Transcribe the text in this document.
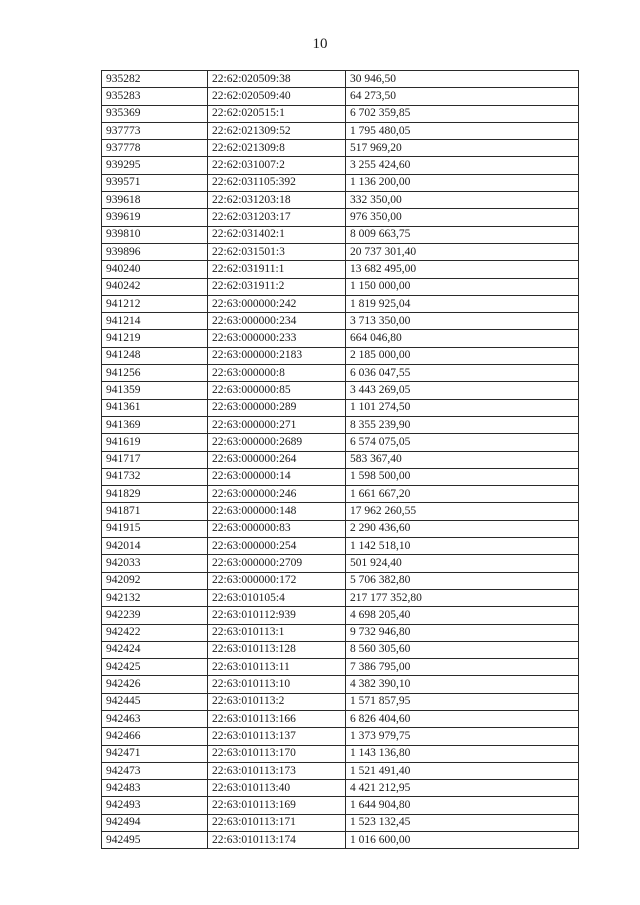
10
935282	22:62:020509:38	30 946,50
935283	22:62:020509:40	64 273,50
935369	22:62:020515:1	6 702 359,85
937773	22:62:021309:52	1 795 480,05
937778	22:62:021309:8	517 969,20
939295	22:62:031007:2	3 255 424,60
939571	22:62:031105:392	1 136 200,00
939618	22:62:031203:18	332 350,00
939619	22:62:031203:17	976 350,00
939810	22:62:031402:1	8 009 663,75
939896	22:62:031501:3	20 737 301,40
940240	22:62:031911:1	13 682 495,00
940242	22:62:031911:2	1 150 000,00
941212	22:63:000000:242	1 819 925,04
941214	22:63:000000:234	3 713 350,00
941219	22:63:000000:233	664 046,80
941248	22:63:000000:2183	2 185 000,00
941256	22:63:000000:8	6 036 047,55
941359	22:63:000000:85	3 443 269,05
941361	22:63:000000:289	1 101 274,50
941369	22:63:000000:271	8 355 239,90
941619	22:63:000000:2689	6 574 075,05
941717	22:63:000000:264	583 367,40
941732	22:63:000000:14	1 598 500,00
941829	22:63:000000:246	1 661 667,20
941871	22:63:000000:148	17 962 260,55
941915	22:63:000000:83	2 290 436,60
942014	22:63:000000:254	1 142 518,10
942033	22:63:000000:2709	501 924,40
942092	22:63:000000:172	5 706 382,80
942132	22:63:010105:4	217 177 352,80
942239	22:63:010112:939	4 698 205,40
942422	22:63:010113:1	9 732 946,80
942424	22:63:010113:128	8 560 305,60
942425	22:63:010113:11	7 386 795,00
942426	22:63:010113:10	4 382 390,10
942445	22:63:010113:2	1 571 857,95
942463	22:63:010113:166	6 826 404,60
942466	22:63:010113:137	1 373 979,75
942471	22:63:010113:170	1 143 136,80
942473	22:63:010113:173	1 521 491,40
942483	22:63:010113:40	4 421 212,95
942493	22:63:010113:169	1 644 904,80
942494	22:63:010113:171	1 523 132,45
942495	22:63:010113:174	1 016 600,00
